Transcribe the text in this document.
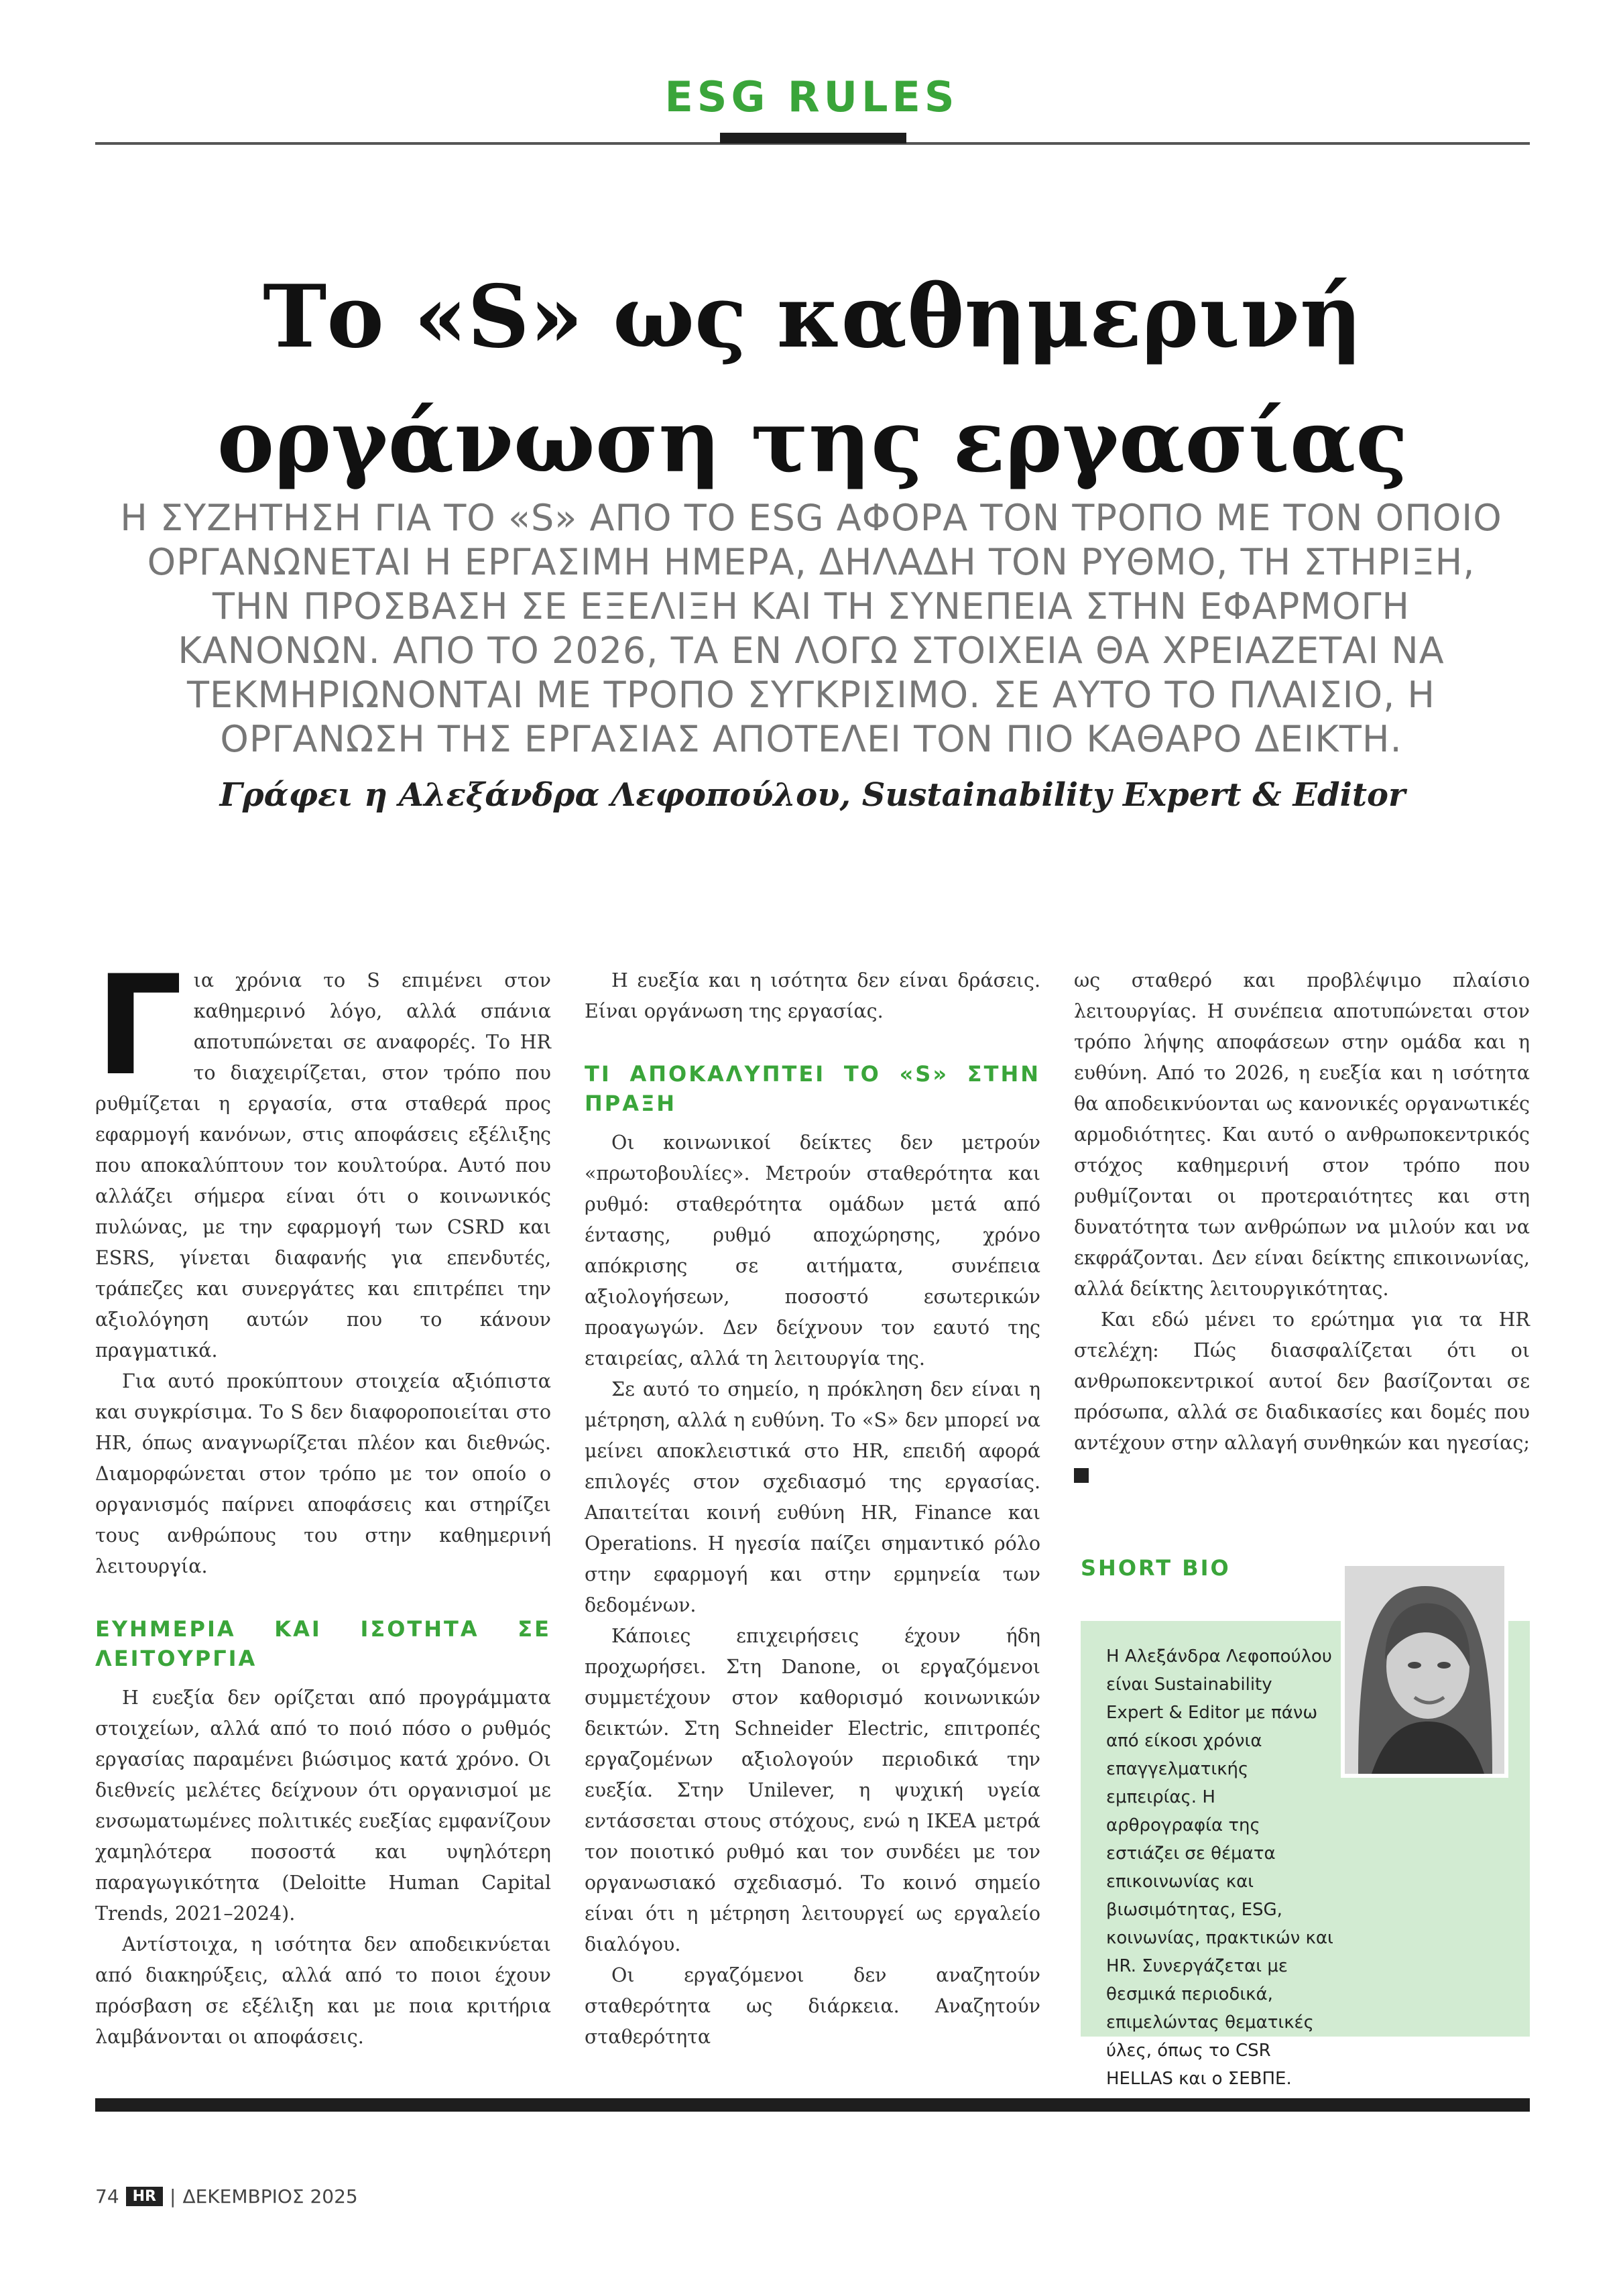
ESG RULES
Το «S» ως καθημερινή
οργάνωση της εργασίας

Η ΣΥΖΗΤΗΣΗ ΓΙΑ ΤΟ «S» ΑΠΟ ΤΟ ESG ΑΦΟΡΑ ΤΟΝ ΤΡΟΠΟ ΜΕ ΤΟΝ ΟΠΟΙΟ ΟΡΓΑΝΩΝΕΤΑΙ Η ΕΡΓΑΣΙΜΗ ΗΜΕΡΑ, ΔΗΛΑΔΗ ΤΟΝ ΡΥΘΜΟ, ΤΗ ΣΤΗΡΙΞΗ, ΤΗΝ ΠΡΟΣΒΑΣΗ ΣΕ ΕΞΕΛΙΞΗ ΚΑΙ ΤΗ ΣΥΝΕΠΕΙΑ ΣΤΗΝ ΕΦΑΡΜΟΓΗ ΚΑΝΟΝΩΝ. ΑΠΟ ΤΟ 2026, ΤΑ ΕΝ ΛΟΓΩ ΣΤΟΙΧΕΙΑ ΘΑ ΧΡΕΙΑΖΕΤΑΙ ΝΑ ΤΕΚΜΗΡΙΩΝΟΝΤΑΙ ΜΕ ΤΡΟΠΟ ΣΥΓΚΡΙΣΙΜΟ. ΣΕ ΑΥΤΟ ΤΟ ΠΛΑΙΣΙΟ, Η ΟΡΓΑΝΩΣΗ ΤΗΣ ΕΡΓΑΣΙΑΣ ΑΠΟΤΕΛΕΙ ΤΟΝ ΠΙΟ ΚΑΘΑΡΟ ΔΕΙΚΤΗ.

Γράφει η Αλεξάνδρα Λεφοπούλου, Sustainability Expert & Editor

Για χρόνια το S επιμένει στον καθημερινό λόγο, αλλά σπάνια αποτυπώνεται σε αναφορές. Το HR το διαχειρίζεται, στον τρόπο που ρυθμίζεται η εργασία, στα σταθερά προς εφαρμογή κανόνων, στις αποφάσεις εξέλιξης που αποκαλύπτουν τον κουλτούρα. Αυτό που αλλάζει σήμερα είναι ότι ο κοινωνικός πυλώνας, με την εφαρμογή των CSRD και ESRS, γίνεται διαφανής για επενδυτές, τράπεζες και συνεργάτες και επιτρέπει την αξιολόγηση αυτών που το κάνουν πραγματικά.

Για αυτό προκύπτουν στοιχεία αξιόπιστα και συγκρίσιμα. Το S δεν διαφοροποιείται στο HR, όπως αναγνωρίζεται πλέον και διεθνώς. Διαμορφώνεται στον τρόπο με τον οποίο ο οργανισμός παίρνει αποφάσεις και στηρίζει τους ανθρώπους του στην καθημερινή λειτουργία.

ΕΥΗΜΕΡΙΑ ΚΑΙ ΙΣΟΤΗΤΑ ΣΕ ΛΕΙΤΟΥΡΓΙΑ

Η ευεξία δεν ορίζεται από προγράμματα στοιχείων, αλλά από το ποιό πόσο ο ρυθμός εργασίας παραμένει βιώσιμος κατά χρόνο. Οι διεθνείς μελέτες δείχνουν ότι οργανισμοί με ενσωματωμένες πολιτικές ευεξίας εμφανίζουν χαμηλότερα ποσοστά και υψηλότερη παραγωγικότητα (Deloitte Human Capital Trends, 2021–2024).

Αντίστοιχα, η ισότητα δεν αποδεικνύεται από διακηρύξεις, αλλά από το ποιοι έχουν πρόσβαση σε εξέλιξη και με ποια κριτήρια λαμβάνονται οι αποφάσεις.

Η ευεξία και η ισότητα δεν είναι δράσεις. Είναι οργάνωση της εργασίας.

ΤΙ ΑΠΟΚΑΛΥΠΤΕΙ ΤΟ «S» ΣΤΗΝ ΠΡΑΞΗ

Οι κοινωνικοί δείκτες δεν μετρούν «πρωτοβουλίες». Μετρούν σταθερότητα και ρυθμό: σταθερότητα ομάδων μετά από έντασης, ρυθμό αποχώρησης, χρόνο απόκρισης σε αιτήματα, συνέπεια αξιολογήσεων, ποσοστό εσωτερικών προαγωγών. Δεν δείχνουν τον εαυτό της εταιρείας, αλλά τη λειτουργία της.

Σε αυτό το σημείο, η πρόκληση δεν είναι η μέτρηση, αλλά η ευθύνη. Το «S» δεν μπορεί να μείνει αποκλειστικά στο HR, επειδή αφορά επιλογές στον σχεδιασμό της εργασίας. Απαιτείται κοινή ευθύνη HR, Finance και Operations. Η ηγεσία παίζει σημαντικό ρόλο στην εφαρμογή και στην ερμηνεία των δεδομένων.

Κάποιες επιχειρήσεις έχουν ήδη προχωρήσει. Στη Danone, οι εργαζόμενοι συμμετέχουν στον καθορισμό κοινωνικών δεικτών. Στη Schneider Electric, επιτροπές εργαζομένων αξιολογούν περιοδικά την ευεξία. Στην Unilever, η ψυχική υγεία εντάσσεται στους στόχους, ενώ η IKEA μετρά τον ποιοτικό ρυθμό και τον συνδέει με τον οργανωσιακό σχεδιασμό. Το κοινό σημείο είναι ότι η μέτρηση λειτουργεί ως εργαλείο διαλόγου.

Οι εργαζόμενοι δεν αναζητούν σταθερότητα ως διάρκεια. Αναζητούν σταθερότητα

ως σταθερό και προβλέψιμο πλαίσιο λειτουργίας. Η συνέπεια αποτυπώνεται στον τρόπο λήψης αποφάσεων στην ομάδα και η ευθύνη. Από το 2026, η ευεξία και η ισότητα θα αποδεικνύονται ως κανονικές οργανωτικές αρμοδιότητες. Και αυτό ο ανθρωποκεντρικός στόχος καθημερινή στον τρόπο που ρυθμίζονται οι προτεραιότητες και στη δυνατότητα των ανθρώπων να μιλούν και να εκφράζονται. Δεν είναι δείκτης επικοινωνίας, αλλά δείκτης λειτουργικότητας.

Και εδώ μένει το ερώτημα για τα HR στελέχη: Πώς διασφαλίζεται ότι οι ανθρωποκεντρικοί αυτοί δεν βασίζονται σε πρόσωπα, αλλά σε διαδικασίες και δομές που αντέχουν στην αλλαγή συνθηκών και ηγεσίας;

SHORT BIO
Η Αλεξάνδρα Λεφοπούλου είναι Sustainability Expert & Editor με πάνω από είκοσι χρόνια επαγγελματικής εμπειρίας. Η αρθρογραφία της εστιάζει σε θέματα επικοινωνίας και βιωσιμότητας, ESG, κοινωνίας, πρακτικών και HR. Συνεργάζεται με θεσμικά περιοδικά, επιμελώντας θεματικές ύλες, όπως το CSR HELLAS και ο ΣΕΒΠΕ.
74 HR | ΔΕΚΕΜΒΡΙΟΣ 2025
